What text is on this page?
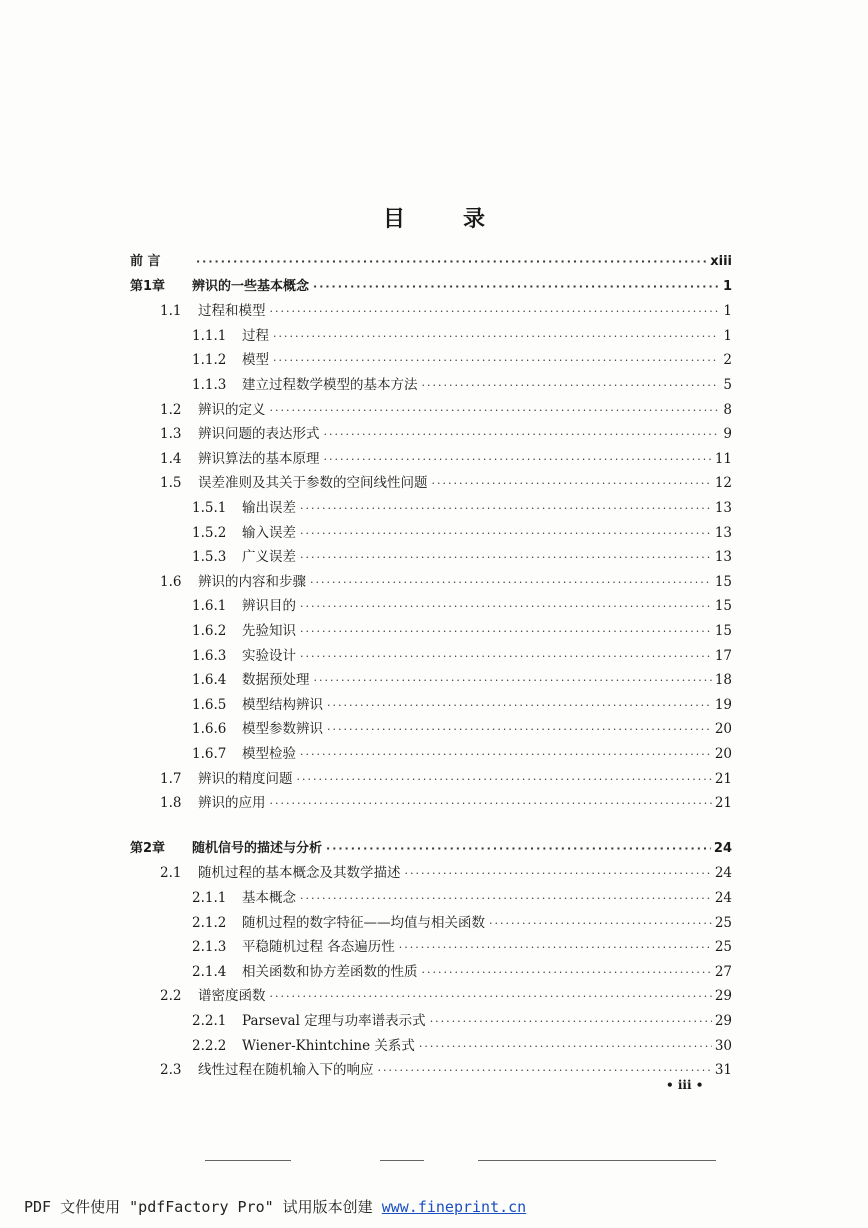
目录
前 言 ·····	xiii
第1章	辨识的一些基本概念 ·····	1
1.1	过程和模型 ·····	1
1.1.1	过程 ·····	1
1.1.2	模型 ·····	2
1.1.3	建立过程数学模型的基本方法 ·····	5
1.2	辨识的定义 ·····	8
1.3	辨识问题的表达形式 ·····	9
1.4	辨识算法的基本原理 ·····	11
1.5	误差准则及其关于参数的空间线性问题 ·····	12
1.5.1	输出误差 ·····	13
1.5.2	输入误差 ·····	13
1.5.3	广义误差 ·····	13
1.6	辨识的内容和步骤 ·····	15
1.6.1	辨识目的 ·····	15
1.6.2	先验知识 ·····	15
1.6.3	实验设计 ·····	17
1.6.4	数据预处理 ·····	18
1.6.5	模型结构辨识 ·····	19
1.6.6	模型参数辨识 ·····	20
1.6.7	模型检验 ·····	20
1.7	辨识的精度问题 ·····	21
1.8	辨识的应用 ·····	21
第2章	随机信号的描述与分析 ·····	24
2.1	随机过程的基本概念及其数学描述 ·····	24
2.1.1	基本概念 ·····	24
2.1.2	随机过程的数字特征——均值与相关函数 ·····	25
2.1.3	平稳随机过程 各态遍历性 ·····	25
2.1.4	相关函数和协方差函数的性质 ·····	27
2.2	谱密度函数 ·····	29
2.2.1	Parseval 定理与功率谱表示式 ·····	29
2.2.2	Wiener-Khintchine 关系式 ·····	30
2.3	线性过程在随机输入下的响应 ·····	31
• iii •
PDF 文件使用 "pdfFactory Pro" 试用版本创建 www.fineprint.cn
